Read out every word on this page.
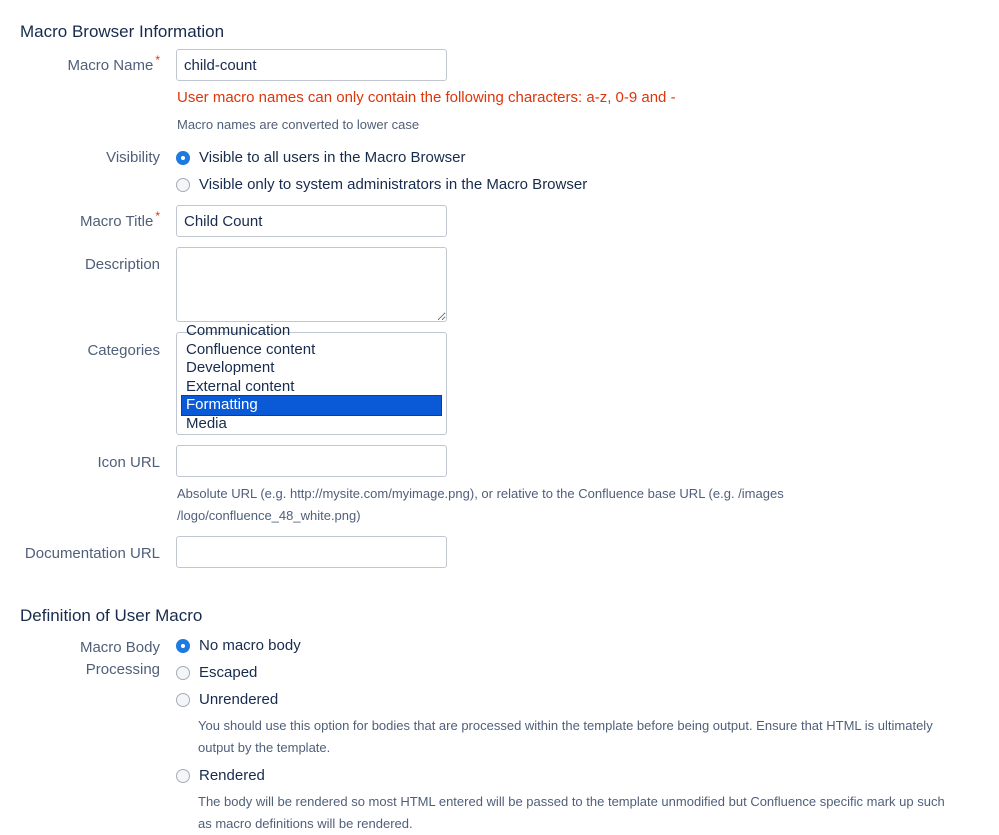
Macro Browser Information
Macro Name *
child-count
User macro names can only contain the following characters: a-z, 0-9 and -
Macro names are converted to lower case
Visibility	Visible to all users in the Macro Browser
Visible only to system administrators in the Macro Browser
Macro Title *
Child Count
Description
Categories
Communication
Confluence content
Development
External content
Formatting
Media
Icon URL
Absolute URL (e.g. http://mysite.com/myimage.png), or relative to the Confluence base URL (e.g. /images
/logo/confluence_48_white.png)
Documentation URL
Definition of User Macro
Macro Body
Processing
No macro body
Escaped
Unrendered
You should use this option for bodies that are processed within the template before being output. Ensure that HTML is ultimately
output by the template.
Rendered
The body will be rendered so most HTML entered will be passed to the template unmodified but Confluence specific mark up such
as macro definitions will be rendered.
